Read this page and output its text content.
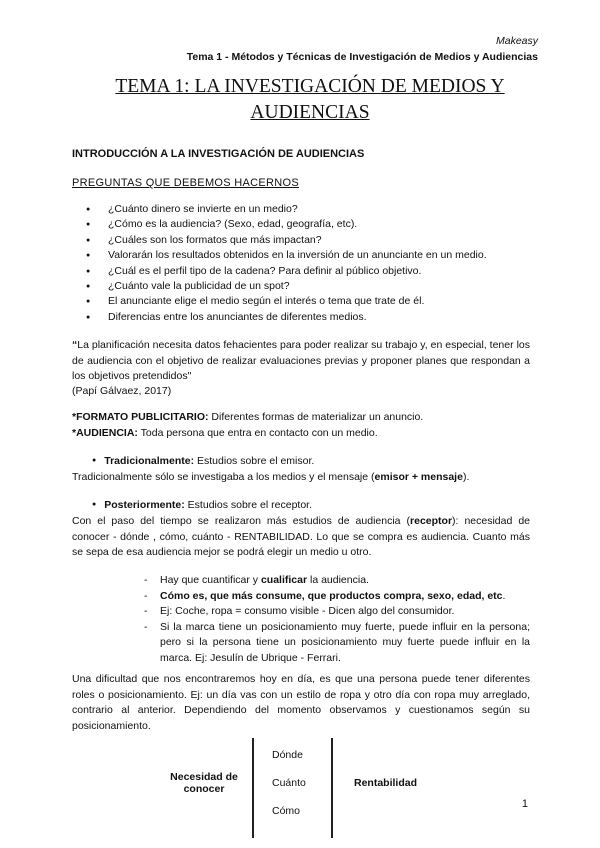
Makeasy
Tema 1 - Métodos y Técnicas de Investigación de Medios y Audiencias
TEMA 1: LA INVESTIGACIÓN DE MEDIOS Y
AUDIENCIAS
INTRODUCCIÓN A LA INVESTIGACIÓN DE AUDIENCIAS
PREGUNTAS QUE DEBEMOS HACERNOS
● ¿Cuánto dinero se invierte en un medio?
● ¿Cómo es la audiencia? (Sexo, edad, geografía, etc).
● ¿Cuáles son los formatos que más impactan?
● Valorarán los resultados obtenidos en la inversión de un anunciante en un medio.
● ¿Cuál es el perfil tipo de la cadena? Para definir al público objetivo.
● ¿Cuánto vale la publicidad de un spot?
● El anunciante elige el medio según el interés o tema que trate de él.
● Diferencias entre los anunciantes de diferentes medios.
“La planificación necesita datos fehacientes para poder realizar su trabajo y, en especial, tener los de audiencia con el objetivo de realizar evaluaciones previas y proponer planes que respondan a los objetivos pretendidos"
(Papí Gálvaez, 2017)
*FORMATO PUBLICITARIO: Diferentes formas de materializar un anuncio.
*AUDIENCIA: Toda persona que entra en contacto con un medio.
● Tradicionalmente: Estudios sobre el emisor.
Tradicionalmente sólo se investigaba a los medios y el mensaje (emisor + mensaje).
● Posteriormente: Estudios sobre el receptor.
Con el paso del tiempo se realizaron más estudios de audiencia (receptor): necesidad de conocer - dónde , cómo, cuánto - RENTABILIDAD. Lo que se compra es audiencia. Cuanto más se sepa de esa audiencia mejor se podrá elegir un medio u otro.
- Hay que cuantificar y cualificar la audiencia.
- Cómo es, que más consume, que productos compra, sexo, edad, etc.
- Ej: Coche, ropa = consumo visible - Dicen algo del consumidor.
- Si la marca tiene un posicionamiento muy fuerte, puede influir en la persona; pero si la persona tiene un posicionamiento muy fuerte puede influir en la marca. Ej: Jesulín de Ubrique - Ferrari.
Una dificultad que nos encontraremos hoy en día, es que una persona puede tener diferentes roles o posicionamiento. Ej: un día vas con un estilo de ropa y otro día con ropa muy arreglado, contrario al anterior. Dependiendo del momento observamos y cuestionamos según su posicionamiento.
Necesidad de
conocer
Dónde
Cuánto
Cómo
Rentabilidad
1
